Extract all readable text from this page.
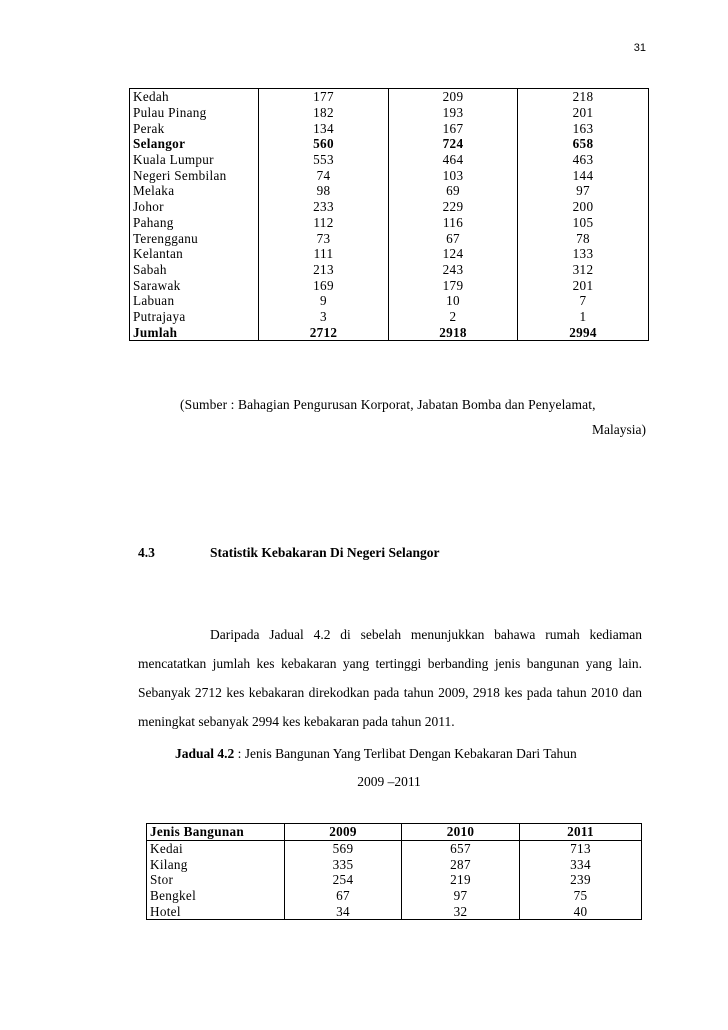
31
Kedah	177	209	218
Pulau Pinang	182	193	201
Perak	134	167	163
Selangor	560	724	658
Kuala Lumpur	553	464	463
Negeri Sembilan	74	103	144
Melaka	98	69	97
Johor	233	229	200
Pahang	112	116	105
Terengganu	73	67	78
Kelantan	111	124	133
Sabah	213	243	312
Sarawak	169	179	201
Labuan	9	10	7
Putrajaya	3	2	1
Jumlah	2712	2918	2994
(Sumber : Bahagian Pengurusan Korporat, Jabatan Bomba dan Penyelamat,
Malaysia)
4.3	Statistik Kebakaran Di Negeri Selangor
Daripada Jadual 4.2 di sebelah menunjukkan bahawa rumah kediaman mencatatkan jumlah kes kebakaran yang tertinggi berbanding jenis bangunan yang lain. Sebanyak 2712 kes kebakaran direkodkan pada tahun 2009, 2918 kes pada tahun 2010 dan meningkat sebanyak 2994 kes kebakaran pada tahun 2011.
Jadual 4.2 : Jenis Bangunan Yang Terlibat Dengan Kebakaran Dari Tahun
2009 –2011
Jenis Bangunan	2009	2010	2011
Kedai	569	657	713
Kilang	335	287	334
Stor	254	219	239
Bengkel	67	97	75
Hotel	34	32	40
